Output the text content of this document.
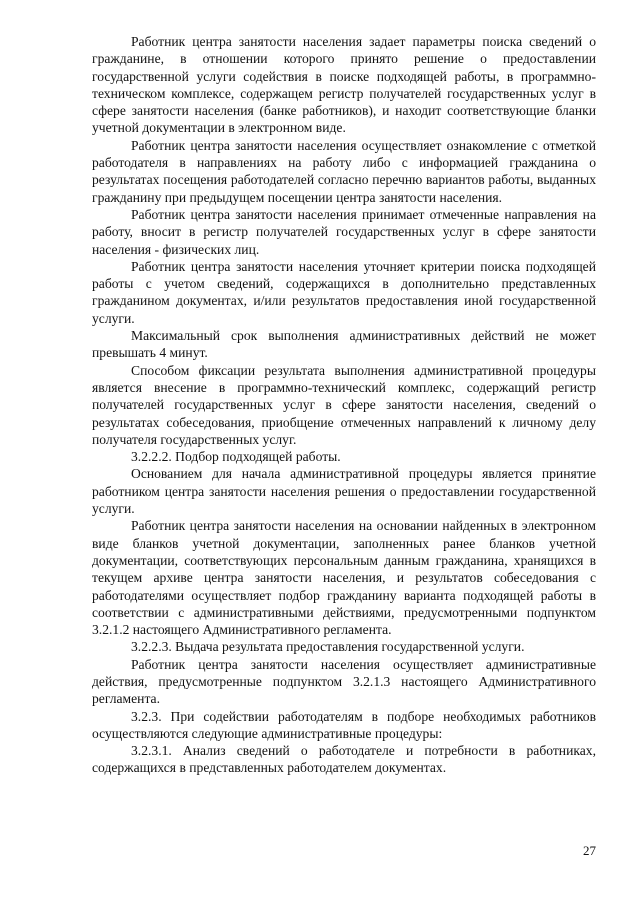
Работник центра занятости населения задает параметры поиска сведений о гражданине, в отношении которого принято решение о предоставлении государственной услуги содействия в поиске подходящей работы, в программно-техническом комплексе, содержащем регистр получателей государственных услуг в сфере занятости населения (банке работников), и находит соответствующие бланки учетной документации в электронном виде.

Работник центра занятости населения осуществляет ознакомление с отметкой работодателя в направлениях на работу либо с информацией гражданина о результатах посещения работодателей согласно перечню вариантов работы, выданных гражданину при предыдущем посещении центра занятости населения.

Работник центра занятости населения принимает отмеченные направления на работу, вносит в регистр получателей государственных услуг в сфере занятости населения - физических лиц.

Работник центра занятости населения уточняет критерии поиска подходящей работы с учетом сведений, содержащихся в дополнительно представленных гражданином документах, и/или результатов предоставления иной государственной услуги.

Максимальный срок выполнения административных действий не может превышать 4 минут.

Способом фиксации результата выполнения административной процедуры является внесение в программно-технический комплекс, содержащий регистр получателей государственных услуг в сфере занятости населения, сведений о результатах собеседования, приобщение отмеченных направлений к личному делу получателя государственных услуг.

3.2.2.2. Подбор подходящей работы.

Основанием для начала административной процедуры является принятие работником центра занятости населения решения о предоставлении государственной услуги.

Работник центра занятости населения на основании найденных в электронном виде бланков учетной документации, заполненных ранее бланков учетной документации, соответствующих персональным данным гражданина, хранящихся в текущем архиве центра занятости населения, и результатов собеседования с работодателями осуществляет подбор гражданину варианта подходящей работы в соответствии с административными действиями, предусмотренными подпунктом 3.2.1.2 настоящего Административного регламента.

3.2.2.3. Выдача результата предоставления государственной услуги.

Работник центра занятости населения осуществляет административные действия, предусмотренные подпунктом 3.2.1.3 настоящего Административного регламента.

3.2.3. При содействии работодателям в подборе необходимых работников осуществляются следующие административные процедуры:

3.2.3.1. Анализ сведений о работодателе и потребности в работниках, содержащихся в представленных работодателем документах.

27
